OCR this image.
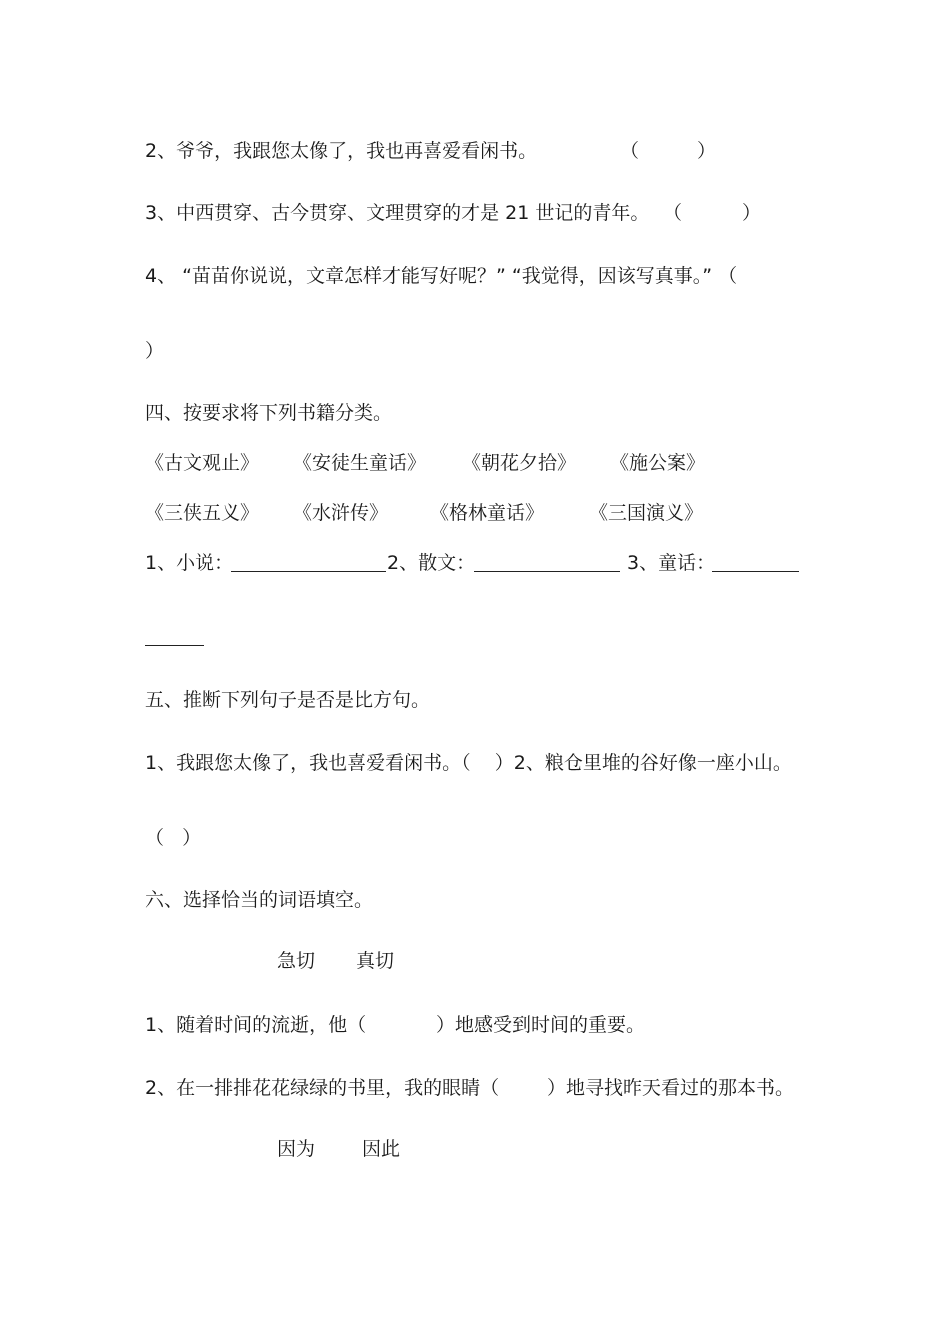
2、爷爷，我跟您太像了，我也再喜爱看闲书。	（	）
3、中西贯穿、古今贯穿、文理贯穿的才是 21 世记的青年。 （	）
4、 “苗苗你说说，文章怎样才能写好呢？” “我觉得，因该写真事。” （
）
四、按要求将下列书籍分类。
《古文观止》 《安徒生童话》 《朝花夕拾》 《施公案》
《三侠五义》 《水浒传》 《格林童话》 《三国演义》
1、小说：	2、散文：	3、童话：
五、推断下列句子是否是比方句。
1、我跟您太像了，我也喜爱看闲书。（    ）2、粮仓里堆的谷好像一座小山。
（   ）
六、选择恰当的词语填空。
急切 真切
1、随着时间的流逝，他（	）地感受到时间的重要。
2、在一排排花花绿绿的书里，我的眼睛（	）地寻找昨天看过的那本书。
因为 因此
